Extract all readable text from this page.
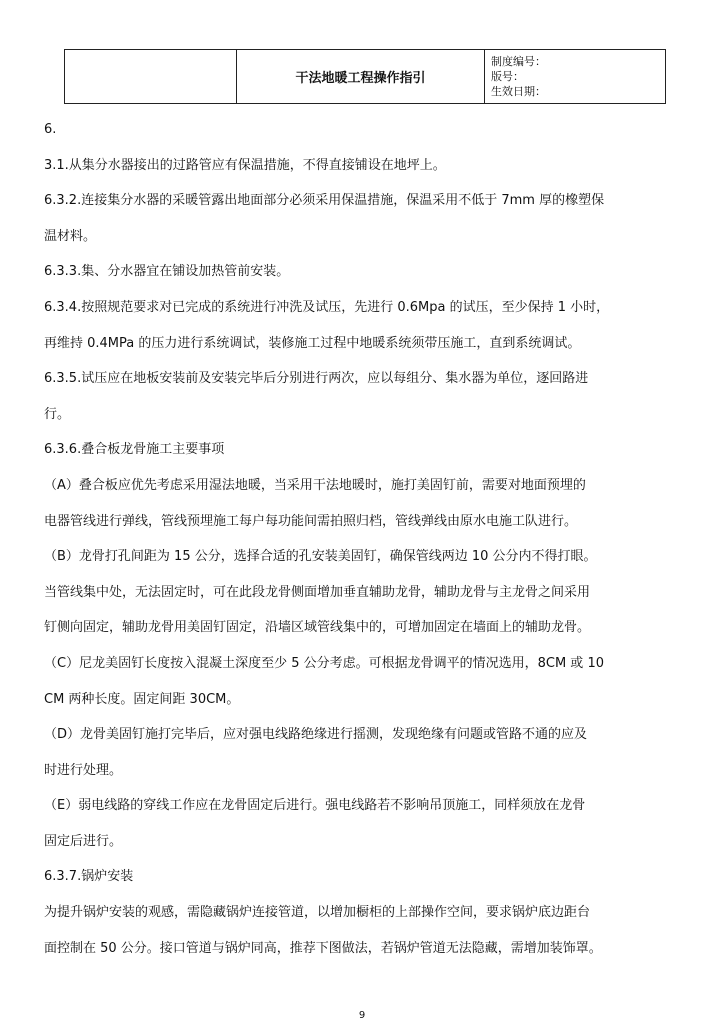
	干法地暖工程操作指引	
制度编号：
版号：
生效日期：

6.

3.1.从集分水器接出的过路管应有保温措施，不得直接铺设在地坪上。

6.3.2.连接集分水器的采暖管露出地面部分必须采用保温措施，保温采用不低于 7mm 厚的橡塑保

温材料。

6.3.3.集、分水器宜在铺设加热管前安装。

6.3.4.按照规范要求对已完成的系统进行冲洗及试压，先进行 0.6Mpa 的试压，至少保持 1 小时，

再维持 0.4MPa 的压力进行系统调试，装修施工过程中地暖系统须带压施工，直到系统调试。

6.3.5.试压应在地板安装前及安装完毕后分别进行两次，应以每组分、集水器为单位，逐回路进

行。

6.3.6.叠合板龙骨施工主要事项

（A）叠合板应优先考虑采用湿法地暖，当采用干法地暖时，施打美固钉前，需要对地面预埋的

电器管线进行弹线，管线预埋施工每户每功能间需拍照归档，管线弹线由原水电施工队进行。

（B）龙骨打孔间距为 15 公分，选择合适的孔安装美固钉，确保管线两边 10 公分内不得打眼。

当管线集中处，无法固定时，可在此段龙骨侧面增加垂直辅助龙骨，辅助龙骨与主龙骨之间采用

钉侧向固定，辅助龙骨用美固钉固定，沿墙区域管线集中的，可增加固定在墙面上的辅助龙骨。

（C）尼龙美固钉长度按入混凝土深度至少 5 公分考虑。可根据龙骨调平的情况选用，8CM 或 10

CM 两种长度。固定间距 30CM。

（D）龙骨美固钉施打完毕后，应对强电线路绝缘进行摇测，发现绝缘有问题或管路不通的应及

时进行处理。

（E）弱电线路的穿线工作应在龙骨固定后进行。强电线路若不影响吊顶施工，同样须放在龙骨

固定后进行。

6.3.7.锅炉安装

为提升锅炉安装的观感，需隐藏锅炉连接管道，以增加橱柜的上部操作空间，要求锅炉底边距台

面控制在 50 公分。接口管道与锅炉同高，推荐下图做法，若锅炉管道无法隐藏，需增加装饰罩。

9
